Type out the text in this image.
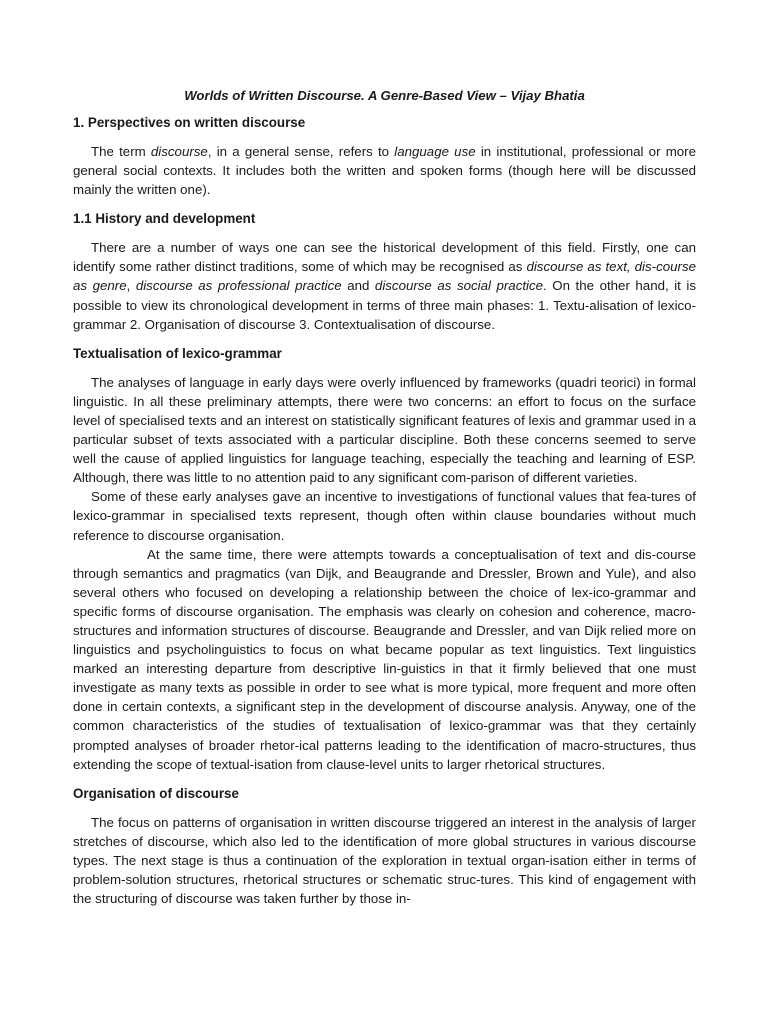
Worlds of Written Discourse. A Genre-Based View – Vijay Bhatia
1. Perspectives on written discourse

The term discourse, in a general sense, refers to language use in institutional, professional or more general social contexts. It includes both the written and spoken forms (though here will be discussed mainly the written one).

1.1 History and development

There are a number of ways one can see the historical development of this field. Firstly, one can identify some rather distinct traditions, some of which may be recognised as discourse as text, dis-course as genre, discourse as professional practice and discourse as social practice. On the other hand, it is possible to view its chronological development in terms of three main phases: 1. Textu-alisation of lexico-grammar 2. Organisation of discourse 3. Contextualisation of discourse.

Textualisation of lexico-grammar

The analyses of language in early days were overly influenced by frameworks (quadri teorici) in formal linguistic. In all these preliminary attempts, there were two concerns: an effort to focus on the surface level of specialised texts and an interest on statistically significant features of lexis and grammar used in a particular subset of texts associated with a particular discipline. Both these concerns seemed to serve well the cause of applied linguistics for language teaching, especially the teaching and learning of ESP. Although, there was little to no attention paid to any significant com-parison of different varieties.

Some of these early analyses gave an incentive to investigations of functional values that fea-tures of lexico-grammar in specialised texts represent, though often within clause boundaries without much reference to discourse organisation.

At the same time, there were attempts towards a conceptualisation of text and dis-course through semantics and pragmatics (van Dijk, and Beaugrande and Dressler, Brown and Yule), and also several others who focused on developing a relationship between the choice of lex-ico-grammar and specific forms of discourse organisation. The emphasis was clearly on cohesion and coherence, macro-structures and information structures of discourse. Beaugrande and Dressler, and van Dijk relied more on linguistics and psycholinguistics to focus on what became popular as text linguistics. Text linguistics marked an interesting departure from descriptive lin-guistics in that it firmly believed that one must investigate as many texts as possible in order to see what is more typical, more frequent and more often done in certain contexts, a significant step in the development of discourse analysis. Anyway, one of the common characteristics of the studies of textualisation of lexico-grammar was that they certainly prompted analyses of broader rhetor-ical patterns leading to the identification of macro-structures, thus extending the scope of textual-isation from clause-level units to larger rhetorical structures.

Organisation of discourse

The focus on patterns of organisation in written discourse triggered an interest in the analysis of larger stretches of discourse, which also led to the identification of more global structures in various discourse types. The next stage is thus a continuation of the exploration in textual organ-isation either in terms of problem-solution structures, rhetorical structures or schematic struc-tures. This kind of engagement with the structuring of discourse was taken further by those in-
